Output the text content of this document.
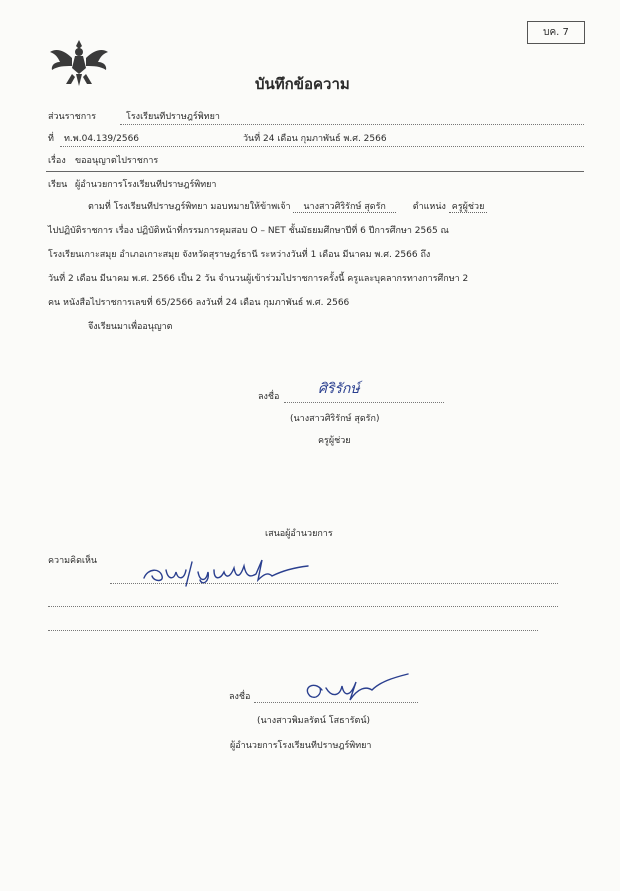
บค. 7
บันทึกข้อความ
ส่วนราชการ	โรงเรียนทีปราษฎร์พิทยา
ที่ ท.พ.04.139/2566	วันที่ 24 เดือน กุมภาพันธ์ พ.ศ. 2566
เรื่อง ขออนุญาตไปราชการ
เรียน ผู้อำนวยการโรงเรียนทีปราษฎร์พิทยา
ตามที่ โรงเรียนทีปราษฎร์พิทยา มอบหมายให้ข้าพเจ้า นางสาวศิริรักษ์ สุดรัก	ตำแหน่ง ครูผู้ช่วย
ไปปฏิบัติราชการ เรื่อง ปฏิบัติหน้าที่กรรมการคุมสอบ O – NET ชั้นมัธยมศึกษาปีที่ 6 ปีการศึกษา 2565 ณ
โรงเรียนเกาะสมุย อำเภอเกาะสมุย จังหวัดสุราษฎร์ธานี ระหว่างวันที่ 1 เดือน มีนาคม พ.ศ. 2566 ถึง
วันที่ 2 เดือน มีนาคม พ.ศ. 2566 เป็น 2 วัน จำนวนผู้เข้าร่วมไปราชการครั้งนี้ ครูและบุคลากรทางการศึกษา 2
คน หนังสือไปราชการเลขที่ 65/2566 ลงวันที่ 24 เดือน กุมภาพันธ์ พ.ศ. 2566
จึงเรียนมาเพื่ออนุญาต
ลงชื่อ	ศิริรักษ์
(นางสาวศิริรักษ์ สุดรัก)
ครูผู้ช่วย
เสนอผู้อำนวยการ
ความคิดเห็น
ลงชื่อ
(นางสาวพิมลรัตน์ โสธารัตน์)
ผู้อำนวยการโรงเรียนทีปราษฎร์พิทยา
